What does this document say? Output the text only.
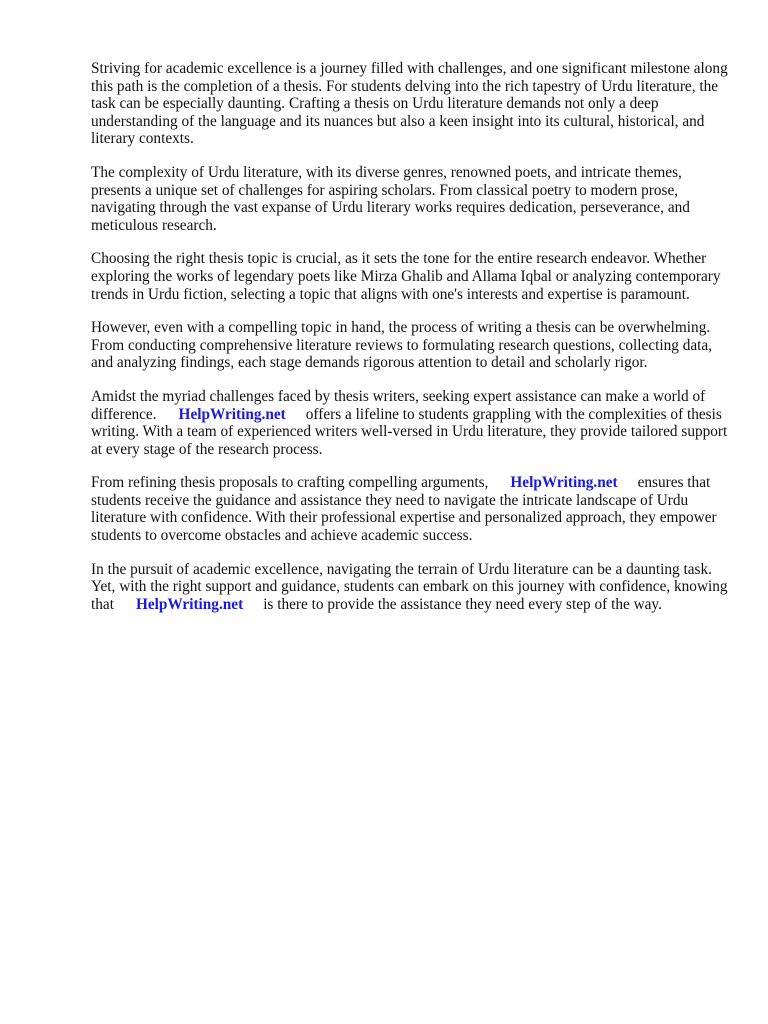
Striving for academic excellence is a journey filled with challenges, and one significant milestone along this path is the completion of a thesis. For students delving into the rich tapestry of Urdu literature, the task can be especially daunting. Crafting a thesis on Urdu literature demands not only a deep understanding of the language and its nuances but also a keen insight into its cultural, historical, and literary contexts.

The complexity of Urdu literature, with its diverse genres, renowned poets, and intricate themes, presents a unique set of challenges for aspiring scholars. From classical poetry to modern prose, navigating through the vast expanse of Urdu literary works requires dedication, perseverance, and meticulous research.

Choosing the right thesis topic is crucial, as it sets the tone for the entire research endeavor. Whether exploring the works of legendary poets like Mirza Ghalib and Allama Iqbal or analyzing contemporary trends in Urdu fiction, selecting a topic that aligns with one's interests and expertise is paramount.

However, even with a compelling topic in hand, the process of writing a thesis can be overwhelming. From conducting comprehensive literature reviews to formulating research questions, collecting data, and analyzing findings, each stage demands rigorous attention to detail and scholarly rigor.

Amidst the myriad challenges faced by thesis writers, seeking expert assistance can make a world of difference. HelpWriting.net offers a lifeline to students grappling with the complexities of thesis writing. With a team of experienced writers well-versed in Urdu literature, they provide tailored support at every stage of the research process.

From refining thesis proposals to crafting compelling arguments, HelpWriting.net ensures that students receive the guidance and assistance they need to navigate the intricate landscape of Urdu literature with confidence. With their professional expertise and personalized approach, they empower students to overcome obstacles and achieve academic success.

In the pursuit of academic excellence, navigating the terrain of Urdu literature can be a daunting task. Yet, with the right support and guidance, students can embark on this journey with confidence, knowing that HelpWriting.net is there to provide the assistance they need every step of the way.
